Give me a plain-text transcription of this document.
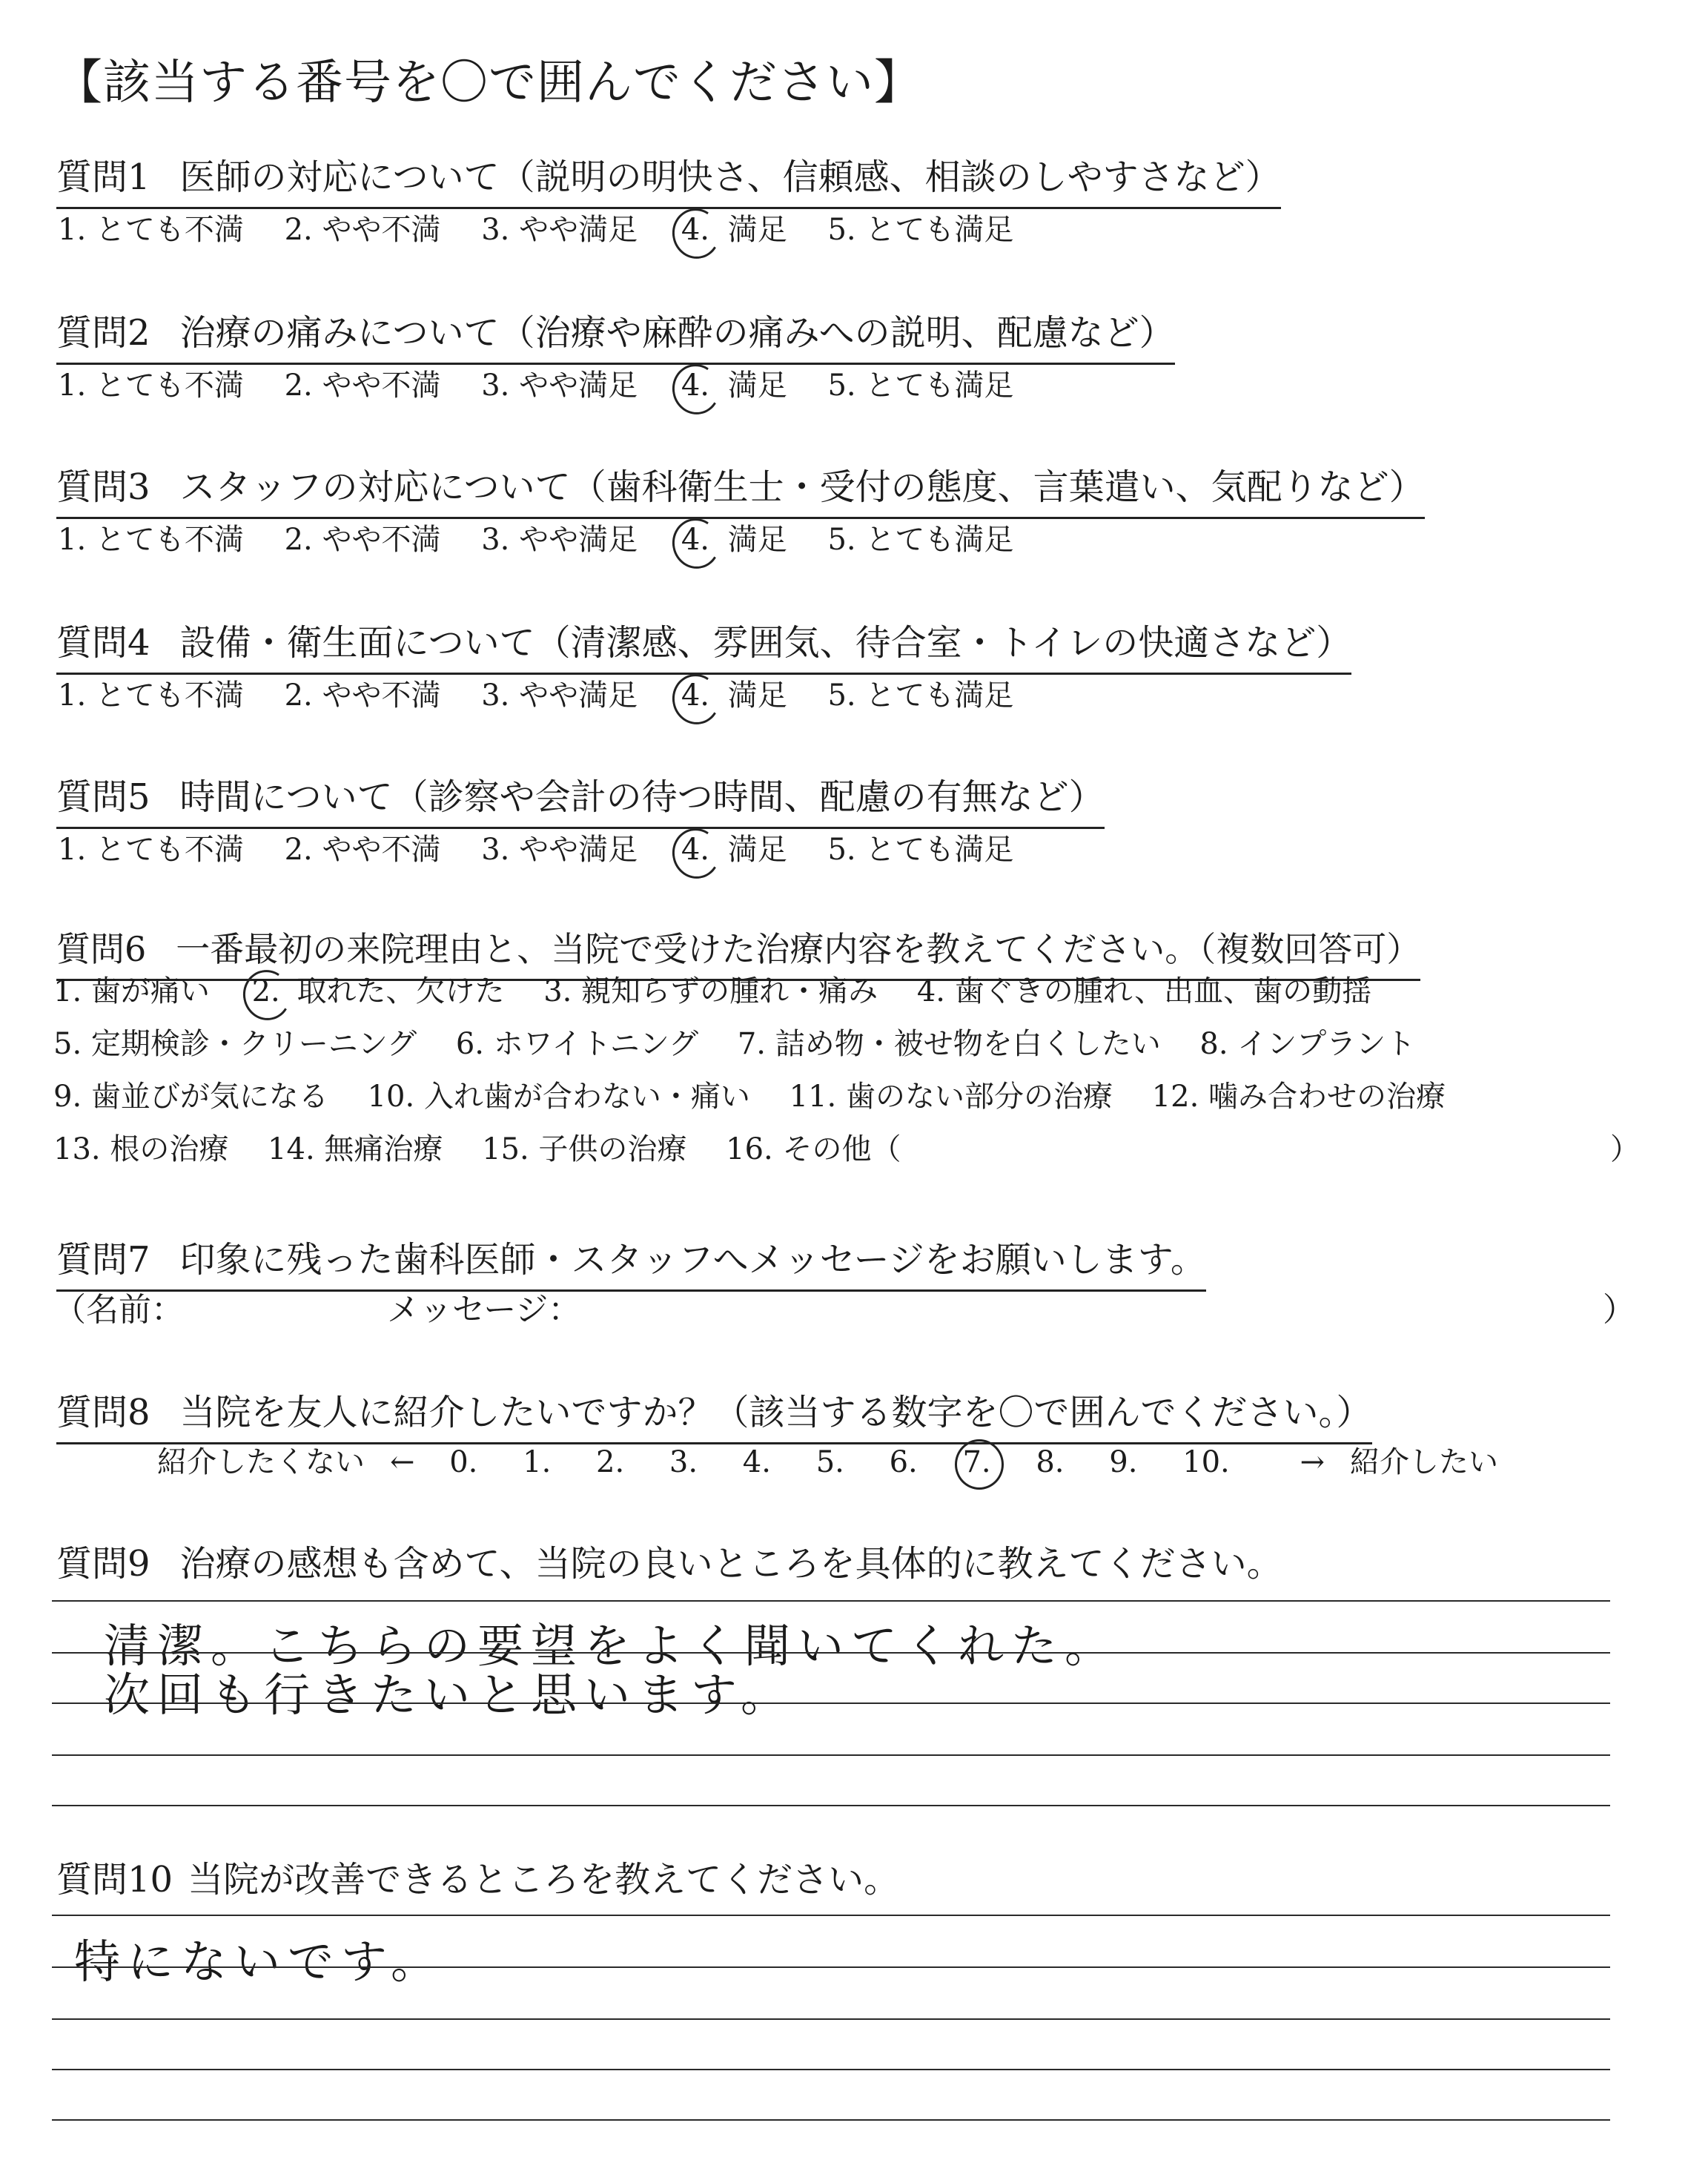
【該当する番号を〇で囲んでください】
質問1 医師の対応について（説明の明快さ、信頼感、相談のしやすさなど）
1. とても不満 2. やや不満 3. やや満足 4. 満足 5. とても満足
質問2 治療の痛みについて（治療や麻酔の痛みへの説明、配慮など）
1. とても不満 2. やや不満 3. やや満足 4. 満足 5. とても満足
質問3 スタッフの対応について（歯科衛生士・受付の態度、言葉遣い、気配りなど）
1. とても不満 2. やや不満 3. やや満足 4. 満足 5. とても満足
質問4 設備・衛生面について（清潔感、雰囲気、待合室・トイレの快適さなど）
1. とても不満 2. やや不満 3. やや満足 4. 満足 5. とても満足
質問5 時間について（診察や会計の待つ時間、配慮の有無など）
1. とても不満 2. やや不満 3. やや満足 4. 満足 5. とても満足
質問6 一番最初の来院理由と、当院で受けた治療内容を教えてください。（複数回答可）
1. 歯が痛い 2. 取れた、欠けた 3. 親知らずの腫れ・痛み 4. 歯ぐきの腫れ、出血、歯の動揺
5. 定期検診・クリーニング 6. ホワイトニング 7. 詰め物・被せ物を白くしたい 8. インプラント
9. 歯並びが気になる 10. 入れ歯が合わない・痛い 11. 歯のない部分の治療 12. 噛み合わせの治療
13. 根の治療 14. 無痛治療 15. 子供の治療 16. その他（	）
質問7 印象に残った歯科医師・スタッフへメッセージをお願いします。
（名前：	メッセージ：	）
質問8 当院を友人に紹介したいですか？（該当する数字を〇で囲んでください。）
紹介したくない ← 0. 1. 2. 3. 4. 5. 6. 7. 8. 9. 10. → 紹介したい
質問9 治療の感想も含めて、当院の良いところを具体的に教えてください。
清潔。こちらの要望をよく聞いてくれた。
次回も行きたいと思います。
質問10 当院が改善できるところを教えてください。
特にないです。
